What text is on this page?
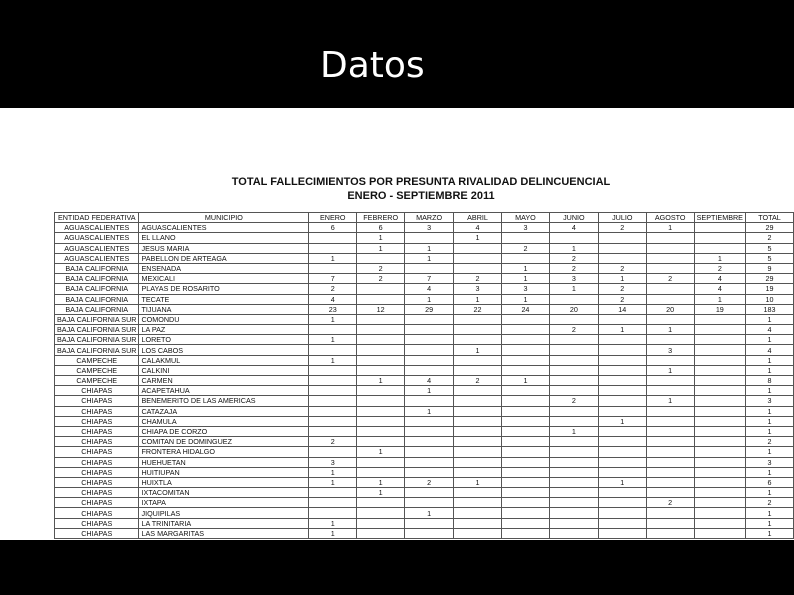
Datos
TOTAL FALLECIMIENTOS POR PRESUNTA RIVALIDAD DELINCUENCIAL
ENERO - SEPTIEMBRE 2011
ENTIDAD FEDERATIVA	MUNICIPIO	ENERO	FEBRERO	MARZO	ABRIL	MAYO	JUNIO	JULIO	AGOSTO	SEPTIEMBRE	TOTAL
AGUASCALIENTES	AGUASCALIENTES	6	6	3	4	3	4	2	1		29
AGUASCALIENTES	EL LLANO		1		1						2
AGUASCALIENTES	JESUS MARIA		1	1		2	1				5
AGUASCALIENTES	PABELLON DE ARTEAGA	1		1			2			1	5
BAJA CALIFORNIA	ENSENADA		2			1	2	2		2	9
BAJA CALIFORNIA	MEXICALI	7	2	7	2	1	3	1	2	4	29
BAJA CALIFORNIA	PLAYAS DE ROSARITO	2		4	3	3	1	2		4	19
BAJA CALIFORNIA	TECATE	4		1	1	1		2		1	10
BAJA CALIFORNIA	TIJUANA	23	12	29	22	24	20	14	20	19	183
BAJA CALIFORNIA SUR	COMONDU	1									1
BAJA CALIFORNIA SUR	LA PAZ						2	1	1		4
BAJA CALIFORNIA SUR	LORETO	1									1
BAJA CALIFORNIA SUR	LOS CABOS				1				3		4
CAMPECHE	CALAKMUL	1									1
CAMPECHE	CALKINI								1		1
CAMPECHE	CARMEN		1	4	2	1					8
CHIAPAS	ACAPETAHUA			1							1
CHIAPAS	BENEMERITO DE LAS AMERICAS						2		1		3
CHIAPAS	CATAZAJA			1							1
CHIAPAS	CHAMULA							1			1
CHIAPAS	CHIAPA DE CORZO						1				1
CHIAPAS	COMITAN DE DOMINGUEZ	2									2
CHIAPAS	FRONTERA HIDALGO		1								1
CHIAPAS	HUEHUETAN	3									3
CHIAPAS	HUITIUPAN	1									1
CHIAPAS	HUIXTLA	1	1	2	1			1			6
CHIAPAS	IXTACOMITAN		1								1
CHIAPAS	IXTAPA								2		2
CHIAPAS	JIQUIPILAS			1							1
CHIAPAS	LA TRINITARIA	1									1
CHIAPAS	LAS MARGARITAS	1									1
